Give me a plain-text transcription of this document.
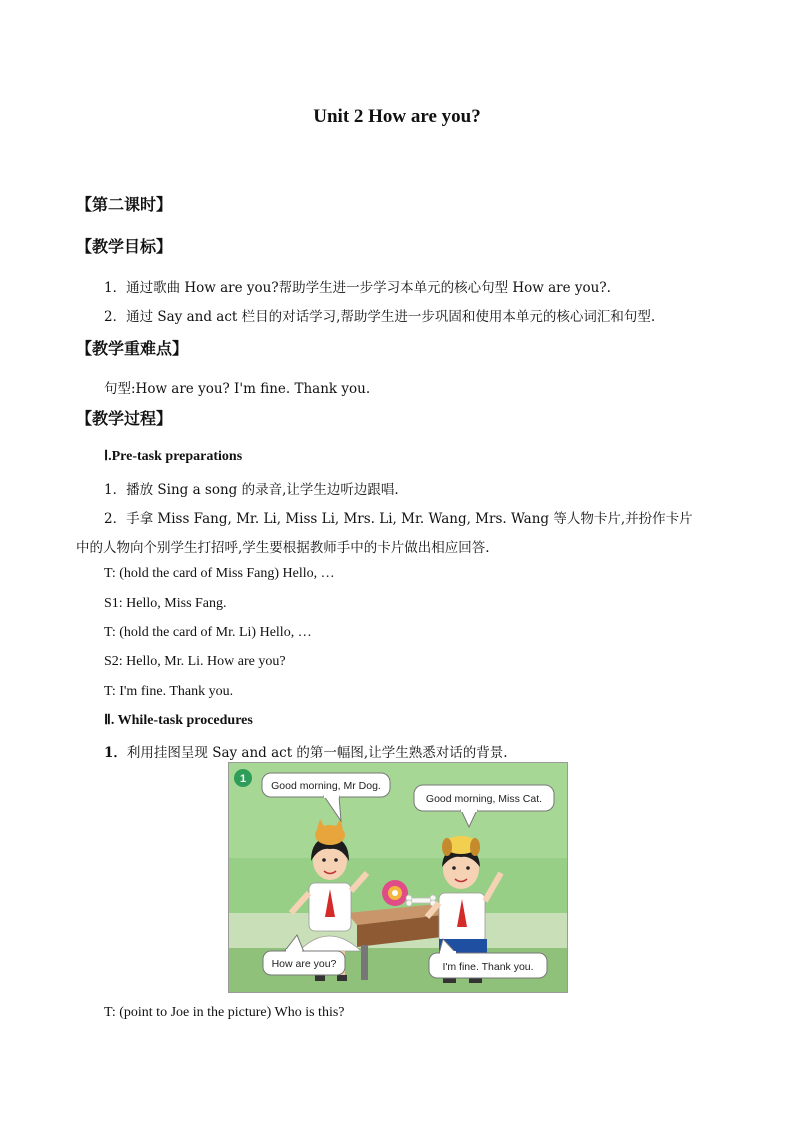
Unit 2 How are you?
【第二课时】
【教学目标】
1．通过歌曲 How are you?帮助学生进一步学习本单元的核心句型 How are you?.
2．通过 Say and act 栏目的对话学习,帮助学生进一步巩固和使用本单元的核心词汇和句型.
【教学重难点】
句型:How are you? I'm fine. Thank you.
【教学过程】
Ⅰ.Pre-task preparations
1．播放 Sing a song 的录音,让学生边听边跟唱.
2．手拿 Miss Fang, Mr. Li, Miss Li, Mrs. Li, Mr. Wang, Mrs. Wang 等人物卡片,并扮作卡片
中的人物向个别学生打招呼,学生要根据教师手中的卡片做出相应回答.
T: (hold the card of Miss Fang) Hello, …
S1: Hello, Miss Fang.
T: (hold the card of Mr. Li) Hello, …
S2: Hello, Mr. Li. How are you?
T: I'm fine. Thank you.
Ⅱ. While-task procedures
1．利用挂图呈现 Say and act 的第一幅图,让学生熟悉对话的背景.
1
Good morning, Mr Dog.
Good morning, Miss Cat.
How are you?	I'm fine. Thank you.
T: (point to Joe in the picture) Who is this?
